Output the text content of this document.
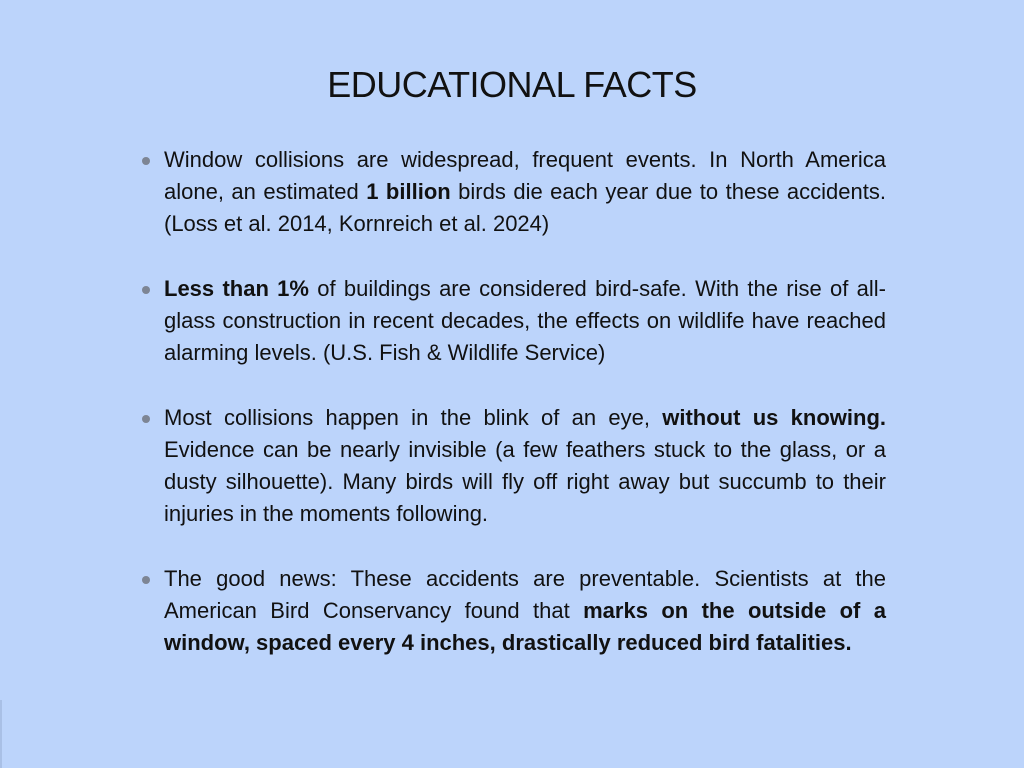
EDUCATIONAL FACTS
Window collisions are widespread, frequent events. In North America alone, an estimated 1 billion birds die each year due to these accidents. (Loss et al. 2014, Kornreich et al. 2024)
Less than 1% of buildings are considered bird-safe. With the rise of all-glass construction in recent decades, the effects on wildlife have reached alarming levels. (U.S. Fish & Wildlife Service)
Most collisions happen in the blink of an eye, without us knowing. Evidence can be nearly invisible (a few feathers stuck to the glass, or a dusty silhouette). Many birds will fly off right away but succumb to their injuries in the moments following.
The good news: These accidents are preventable. Scientists at the American Bird Conservancy found that marks on the outside of a window, spaced every 4 inches, drastically reduced bird fatalities.
